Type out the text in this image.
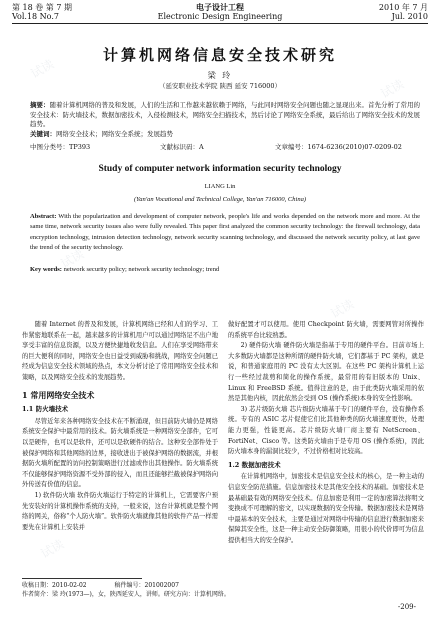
第 18 卷 第 7 期
Vol.18 No.7
电子设计工程
Electronic Design Engineering
2010 年 7 月
Jul. 2010
计算机网络信息安全技术研究
梁 玲
（延安职业技术学院 陕西 延安 716000）
摘要：随着计算机网络的普及和发展，人们的生活和工作越来越依赖于网络，与此同时网络安全问题也随之显现出来。首先分析了常用的安全技术：防火墙技术，数据加密技术，入侵检测技术，网络安全扫描技术，然后讨论了网络安全系统，最后给出了网络安全技术的发展趋势。
关键词：网络安全技术；网络安全系统；发展趋势
中图分类号：TP393	文献标识码：A	文章编号：1674-6236(2010)07-0209-02
Study of computer network information security technology
LIANG Lin
(Yan'an Vocational and Technical College, Yan'an 716000, China)
Abstract: With the popularization and development of computer network, people's life and works depended on the network more and more. At the same time, network security issues also were fully revealed. This paper first analyzed the common security technology: the firewall technology, data encryption technology, intrusion detection technology, network security scanning technology, and discussed the network security policy, at last gave the trend of the security technology.
Key words: network security policy; network security technology; trend

随着 Internet 的普及和发展，计算机网络已经和人们的学习、工作紧密地联系在一起，越来越多的计算机用户可以通过网络足不出户地享受丰富的信息资源，以及方便快捷地收发信息。人们在享受网络带来的巨大便利的同时，网络安全也日益受到威胁和挑战，网络安全问题已经成为信息安全技术领域的热点，本文分析讨论了常用网络安全技术和策略，以及网络安全技术的发展趋势。

1 常用网络安全技术
1.1 防火墙技术

尽管近年来各种网络安全技术在不断涌现，但目前防火墙仍是网络系统安全保护中最常用的技术。防火墙系统是一种网络安全部件，它可以是硬件，也可以是软件，还可以是软硬件的结合。这种安全部件处于被保护网络和其他网络的边界，接收进出于被保护网络的数据流，并根据防火墙所配置的访问控制策略进行过滤或作出其他操作。防火墙系统不仅能够保护网络资源不受外部的侵入，而且还能够拦截被保护网络向外传送有价值的信息。

1) 软件防火墙 软件防火墙运行于特定的计算机上，它需要客户预先安装好的计算机操作系统的支持，一般来说，这台计算机就是整个网络的网关，俗称“个人防火墙”。软件防火墙就像其他的软件产品一样需要先在计算机上安装并

做好配置才可以使用。使用 Checkpoint 防火墙，需要网管对所操作的系统平台比较熟悉。

2) 硬件防火墙 硬件防火墙是指基于专用的硬件平台。目前市场上大多数防火墙都是这种所谓的硬件防火墙，它们都基于 PC 架构，就是说，和普通家庭用的 PC 没有太大区别。在这些 PC 架构计算机上运行一些经过裁剪和简化的操作系统，最常用的有旧版本的 Unix、Linux 和 FreeBSD 系统。值得注意的是，由于此类防火墙采用的依然是其他内核，因此依然会受到 OS (操作系统)本身的安全性影响。

3) 芯片级防火墙 芯片级防火墙基于专门的硬件平台，没有操作系统。专有的 ASIC 芯片促使它们比其他种类的防火墙速度更快，处理能力更强，性能更高。芯片级防火墙厂商主要有 NetScreen、FortiNet、Cisco 等。这类防火墙由于是专用 OS (操作系统)，因此防火墙本身的漏洞比较少，不过价格相对比较高。

1.2 数据加密技术

在计算机网络中，加密技术是信息安全技术的核心，是一种主动的信息安全防范措施。信息加密技术是其他安全技术的基础。加密技术是最基础最有效的网络安全技术。信息加密是利用一定的加密算法将明文变换成不可理解的密文，以实现数据的安全传输。数据加密技术是网络中最基本的安全技术，主要是通过对网络中传输的信息进行数据加密来保障其安全性，这是一种主动安全防御策略，用很小的代价即可为信息提供相当大的安全保护。

收稿日期：2010-02-02	稿件编号：201002007
作者简介：梁 玲(1973—)，女，陕西延安人，讲师。研究方向：计算机网络。
-209-
试读
试读
试读
试读
试读
试读
试读
